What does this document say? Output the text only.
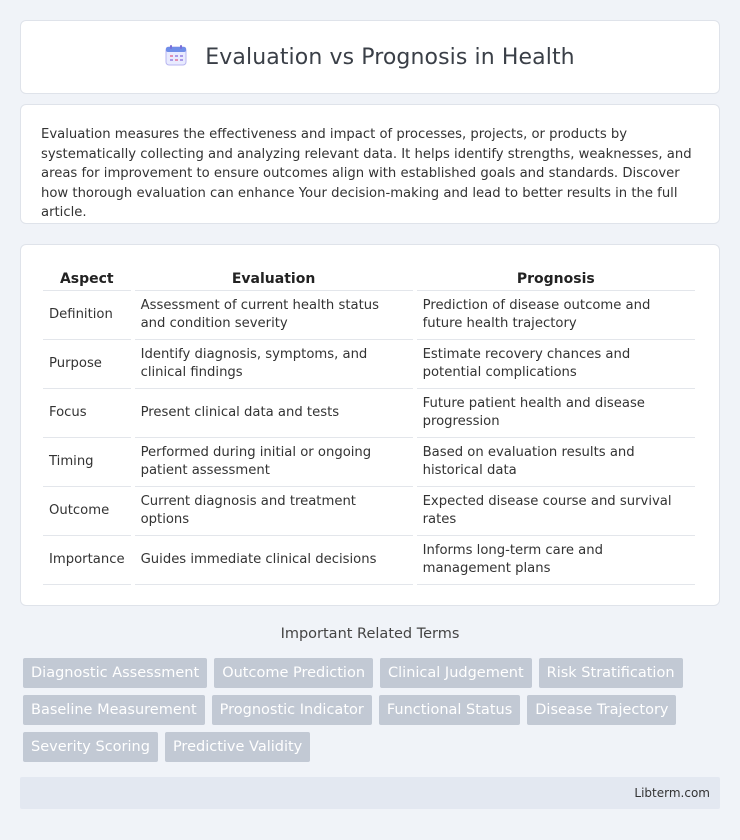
Evaluation vs Prognosis in Health

Evaluation measures the effectiveness and impact of processes, projects, or products by systematically collecting and analyzing relevant data. It helps identify strengths, weaknesses, and areas for improvement to ensure outcomes align with established goals and standards. Discover how thorough evaluation can enhance Your decision-making and lead to better results in the full article.

Aspect	Evaluation	Prognosis
Definition	Assessment of current health status and condition severity	Prediction of disease outcome and future health trajectory
Purpose	Identify diagnosis, symptoms, and clinical findings	Estimate recovery chances and potential complications
Focus	Present clinical data and tests	Future patient health and disease progression
Timing	Performed during initial or ongoing patient assessment	Based on evaluation results and historical data
Outcome	Current diagnosis and treatment options	Expected disease course and survival rates
Importance	Guides immediate clinical decisions	Informs long-term care and management plans
Important Related Terms
Diagnostic Assessment	Outcome Prediction	Clinical Judgement	Risk Stratification
Baseline Measurement	Prognostic Indicator	Functional Status	Disease Trajectory
Severity Scoring	Predictive Validity
Libterm.com
